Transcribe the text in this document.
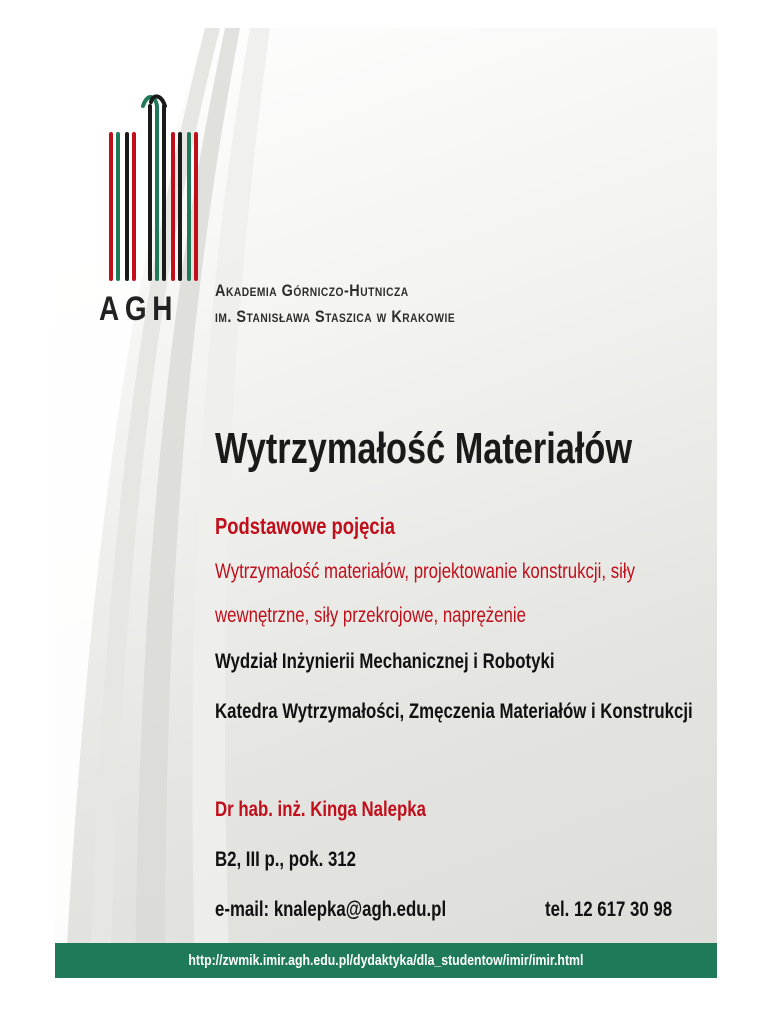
AGH Akademia Górniczo-Hutnicza
im. Stanisława Staszica w Krakowie
Wytrzymałość Materiałów
Podstawowe pojęcia
Wytrzymałość materiałów, projektowanie konstrukcji, siły
wewnętrzne, siły przekrojowe, naprężenie
Wydział Inżynierii Mechanicznej i Robotyki
Katedra Wytrzymałości, Zmęczenia Materiałów i Konstrukcji
Dr hab. inż. Kinga Nalepka
B2, III p., pok. 312
e-mail: knalepka@agh.edu.pl	tel. 12 617 30 98
http://zwmik.imir.agh.edu.pl/dydaktyka/dla_studentow/imir/imir.html
